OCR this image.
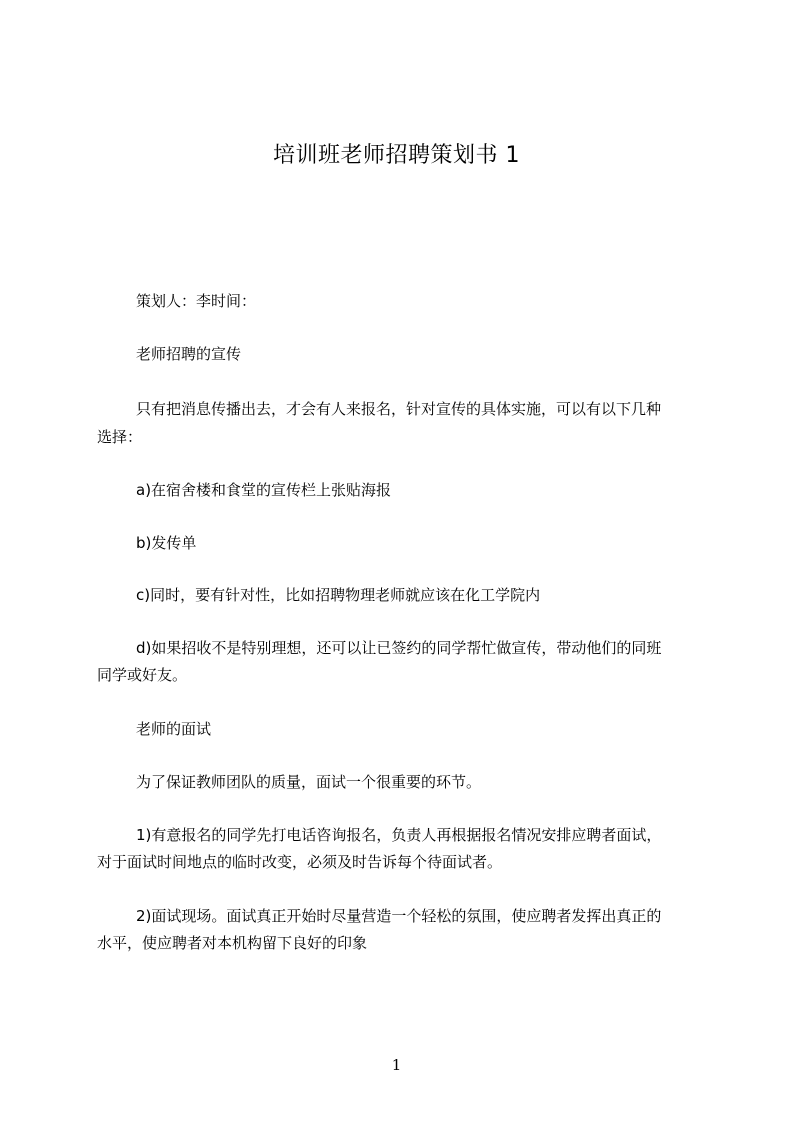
培训班老师招聘策划书 1
策划人：李时间：
老师招聘的宣传
只有把消息传播出去，才会有人来报名，针对宣传的具体实施，可以有以下几种
选择：
a)在宿舍楼和食堂的宣传栏上张贴海报
b)发传单
c)同时，要有针对性，比如招聘物理老师就应该在化工学院内
d)如果招收不是特别理想，还可以让已签约的同学帮忙做宣传，带动他们的同班
同学或好友。
老师的面试
为了保证教师团队的质量，面试一个很重要的环节。
1)有意报名的同学先打电话咨询报名，负责人再根据报名情况安排应聘者面试，
对于面试时间地点的临时改变，必须及时告诉每个待面试者。
2)面试现场。面试真正开始时尽量营造一个轻松的氛围，使应聘者发挥出真正的
水平，使应聘者对本机构留下良好的印象
1
